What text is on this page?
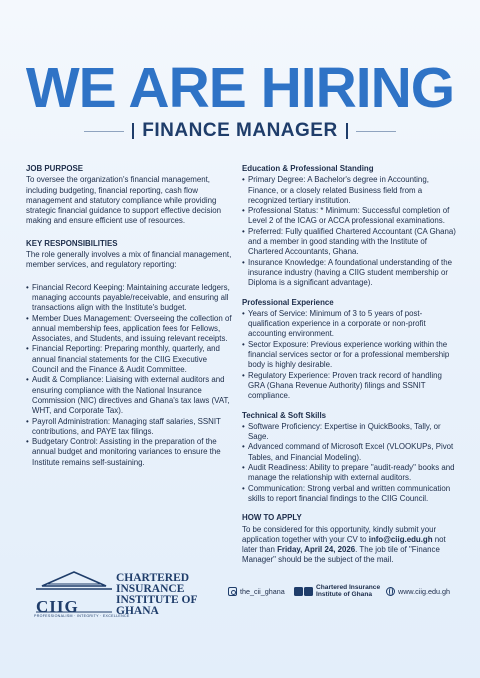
WE ARE HIRING
FINANCE MANAGER
JOB PURPOSE
To oversee the organization's financial management, including budgeting, financial reporting, cash flow management and statutory compliance while providing strategic financial guidance to support effective decision making and ensure efficient use of resources.
KEY RESPONSIBILITIES
The role generally involves a mix of financial management, member services, and regulatory reporting:
• Financial Record Keeping: Maintaining accurate ledgers, managing accounts payable/receivable, and ensuring all transactions align with the Institute's budget.
• Member Dues Management: Overseeing the collection of annual membership fees, application fees for Fellows, Associates, and Students, and issuing relevant receipts.
• Financial Reporting: Preparing monthly, quarterly, and annual financial statements for the CIIG Executive Council and the Finance & Audit Committee.
• Audit & Compliance: Liaising with external auditors and ensuring compliance with the National Insurance Commission (NIC) directives and Ghana's tax laws (VAT, WHT, and Corporate Tax).
• Payroll Administration: Managing staff salaries, SSNIT contributions, and PAYE tax filings.
• Budgetary Control: Assisting in the preparation of the annual budget and monitoring variances to ensure the Institute remains self-sustaining.
Education & Professional Standing
• Primary Degree: A Bachelor's degree in Accounting, Finance, or a closely related Business field from a recognized tertiary institution.
• Professional Status: * Minimum: Successful completion of Level 2 of the ICAG or ACCA professional examinations.
• Preferred: Fully qualified Chartered Accountant (CA Ghana) and a member in good standing with the Institute of Chartered Accountants, Ghana.
• Insurance Knowledge: A foundational understanding of the insurance industry (having a CIIG student membership or Diploma is a significant advantage).
Professional Experience
• Years of Service: Minimum of 3 to 5 years of post-qualification experience in a corporate or non-profit accounting environment.
• Sector Exposure: Previous experience working within the financial services sector or for a professional membership body is highly desirable.
• Regulatory Experience: Proven track record of handling GRA (Ghana Revenue Authority) filings and SSNIT compliance.
Technical & Soft Skills
• Software Proficiency: Expertise in QuickBooks, Tally, or Sage.
• Advanced command of Microsoft Excel (VLOOKUPs, Pivot Tables, and Financial Modeling).
• Audit Readiness: Ability to prepare "audit-ready" books and manage the relationship with external auditors.
• Communication: Strong verbal and written communication skills to report financial findings to the CIIG Council.
HOW TO APPLY
To be considered for this opportunity, kindly submit your application together with your CV to info@ciig.edu.gh not later than Friday, April 24, 2026. The job tile of "Finance Manager" should be the subject of the mail.
CIIG
PROFESSIONALISM · INTEGRITY · EXCELLENCE
CHARTERED
INSURANCE
INSTITUTE OF
GHANA
the_cii_ghana	Chartered Insurance
Institute of Ghana	www.ciig.edu.gh
